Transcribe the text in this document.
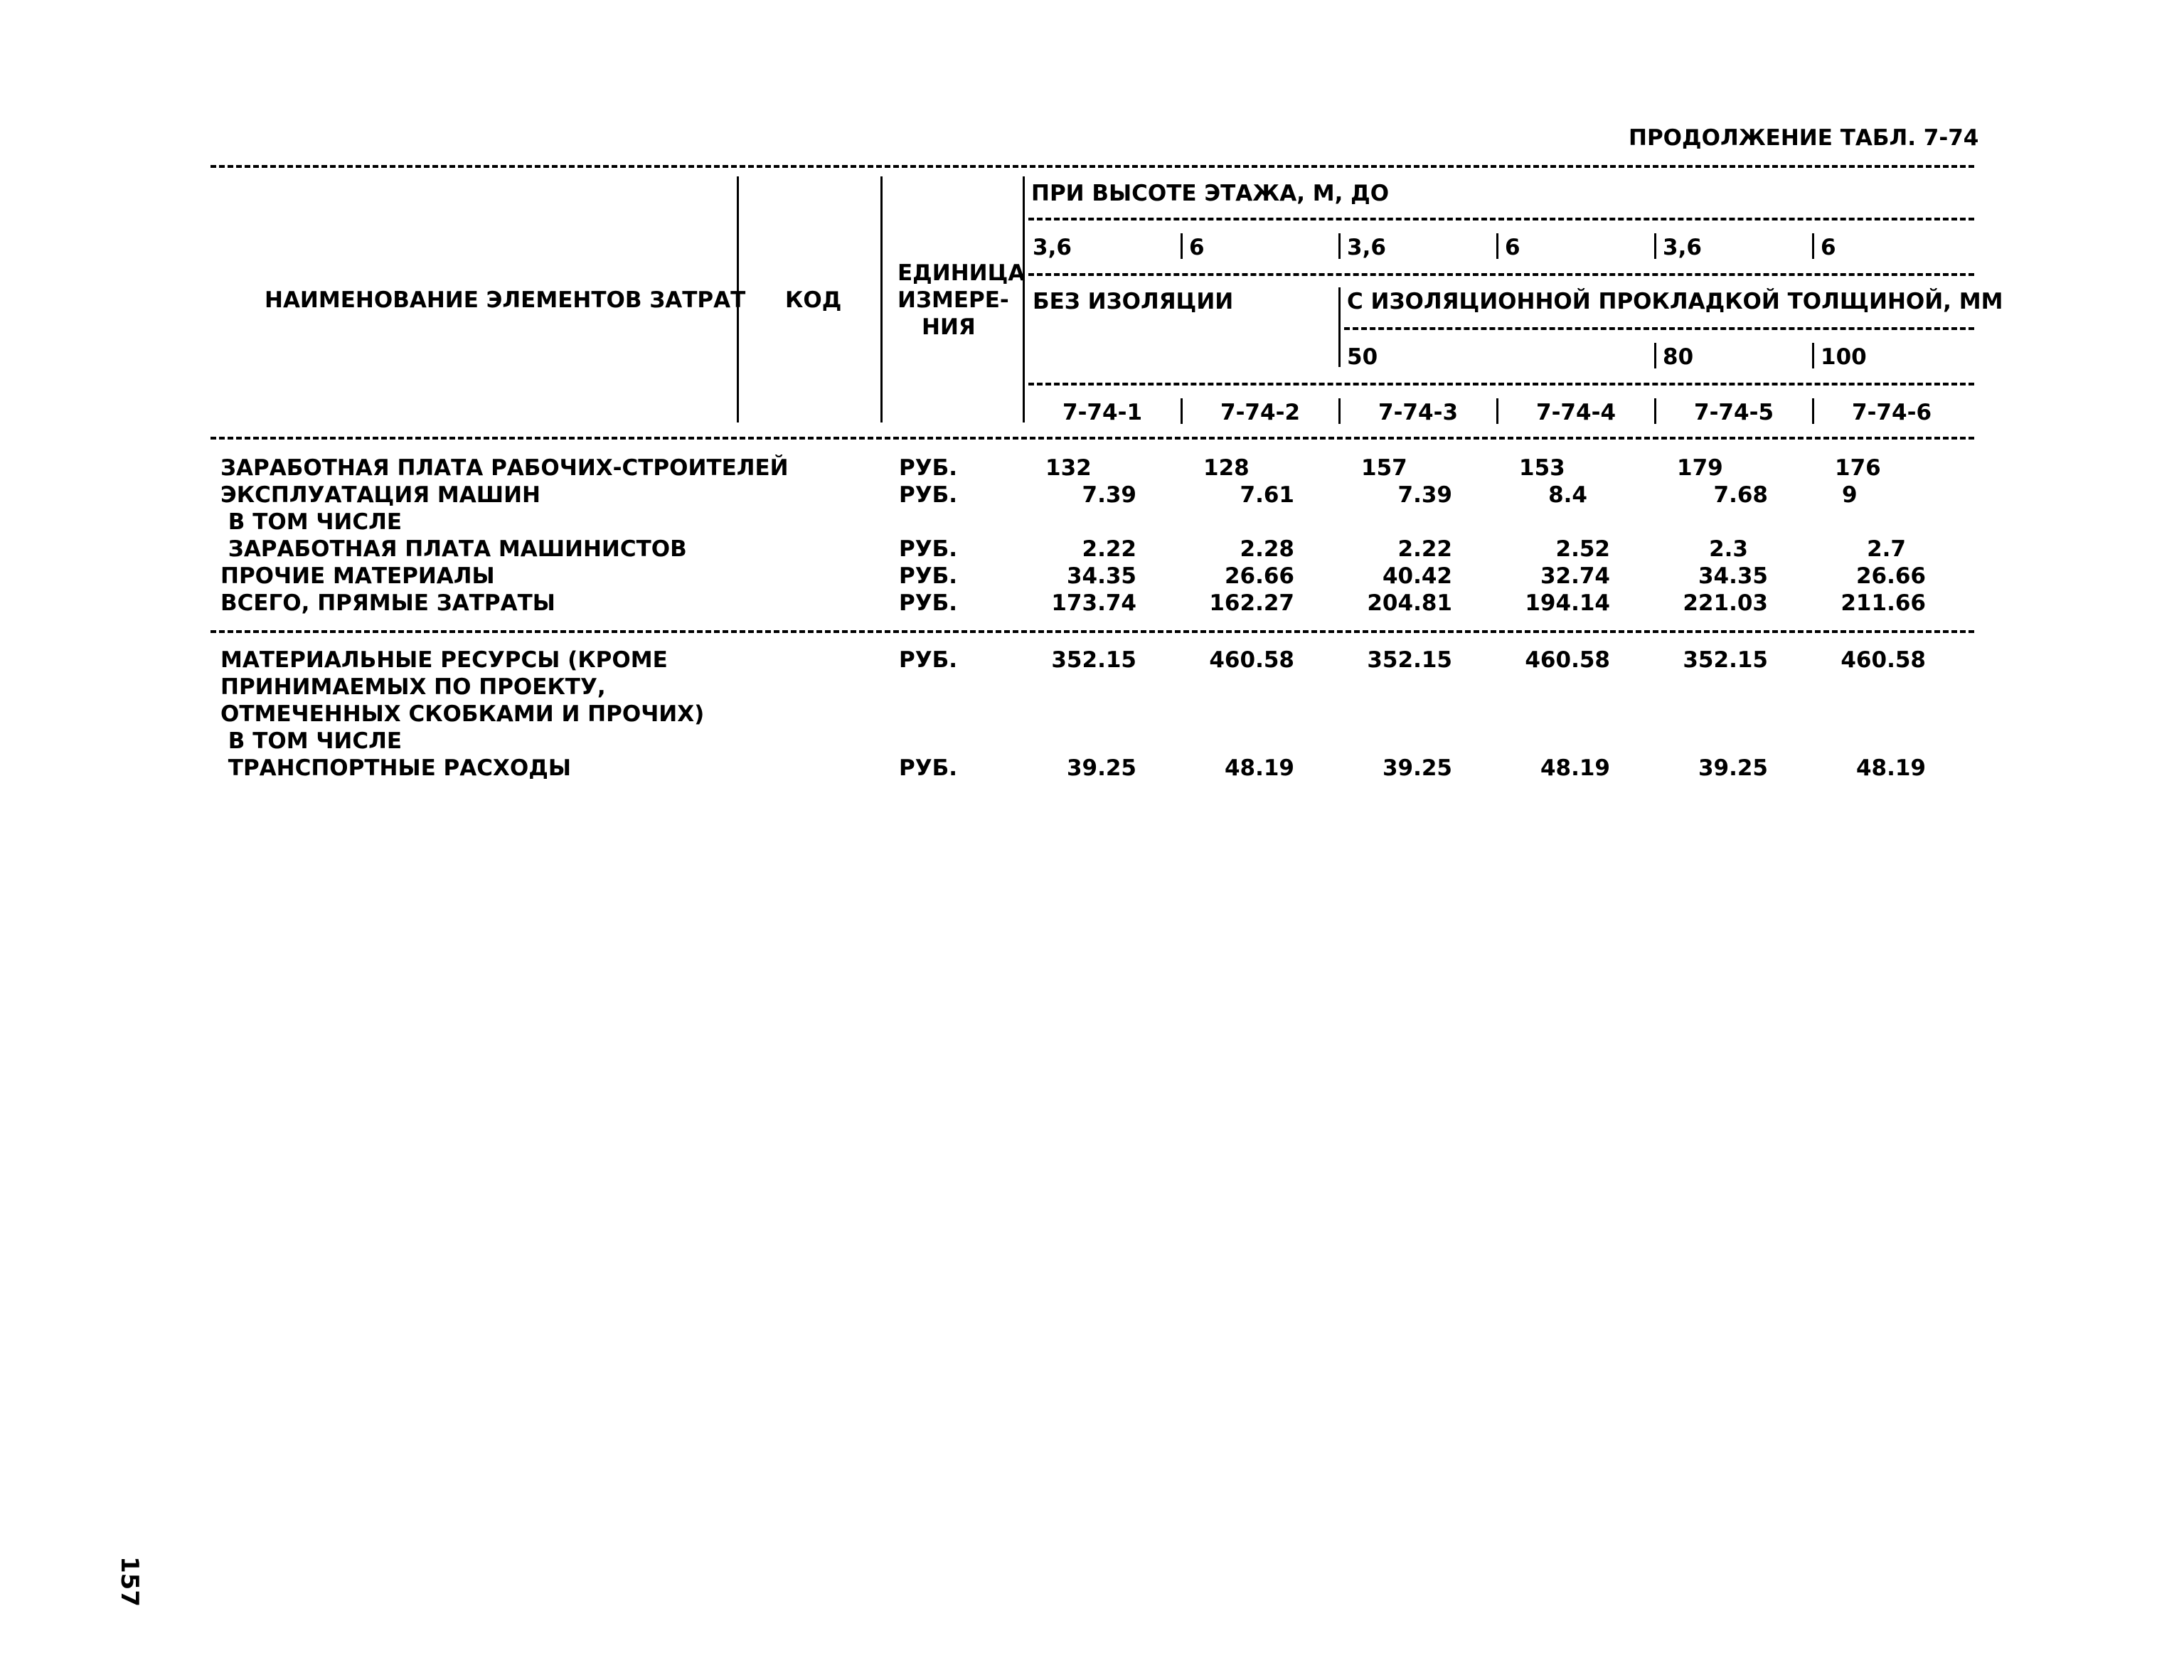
ПРОДОЛЖЕНИЕ ТАБЛ. 7-74
НАИМЕНОВАНИЕ ЭЛЕМЕНТОВ ЗАТРАТ КОД
ЕДИНИЦА
ИЗМЕРЕ-
НИЯ
ПРИ ВЫСОТЕ ЭТАЖА, М, ДО
3,6	6	3,6	6	3,6	6
БЕЗ ИЗОЛЯЦИИ	С ИЗОЛЯЦИОННОЙ ПРОКЛАДКОЙ ТОЛЩИНОЙ, ММ
50	80	100
7-74-1	7-74-2	7-74-3	7-74-4	7-74-5	7-74-6
ЗАРАБОТНАЯ ПЛАТА РАБОЧИХ-СТРОИТЕЛЕЙ	РУБ.	132	128	157	153	179	176
ЭКСПЛУАТАЦИЯ МАШИН	РУБ.	7.39	7.61	7.39	8.4	7.68	9
В ТОМ ЧИСЛЕ
ЗАРАБОТНАЯ ПЛАТА МАШИНИСТОВ	РУБ.	2.22	2.28	2.22	2.52	2.3	2.7
ПРОЧИЕ МАТЕРИАЛЫ	РУБ.	34.35	26.66	40.42	32.74	34.35	26.66
ВСЕГО, ПРЯМЫЕ ЗАТРАТЫ	РУБ.	173.74	162.27	204.81	194.14	221.03	211.66
МАТЕРИАЛЬНЫЕ РЕСУРСЫ (КРОМЕ	РУБ.	352.15	460.58	352.15	460.58	352.15	460.58
ПРИНИМАЕМЫХ ПО ПРОЕКТУ,
ОТМЕЧЕННЫХ СКОБКАМИ И ПРОЧИХ)
В ТОМ ЧИСЛЕ
ТРАНСПОРТНЫЕ РАСХОДЫ	РУБ.	39.25	48.19	39.25	48.19	39.25	48.19
157
